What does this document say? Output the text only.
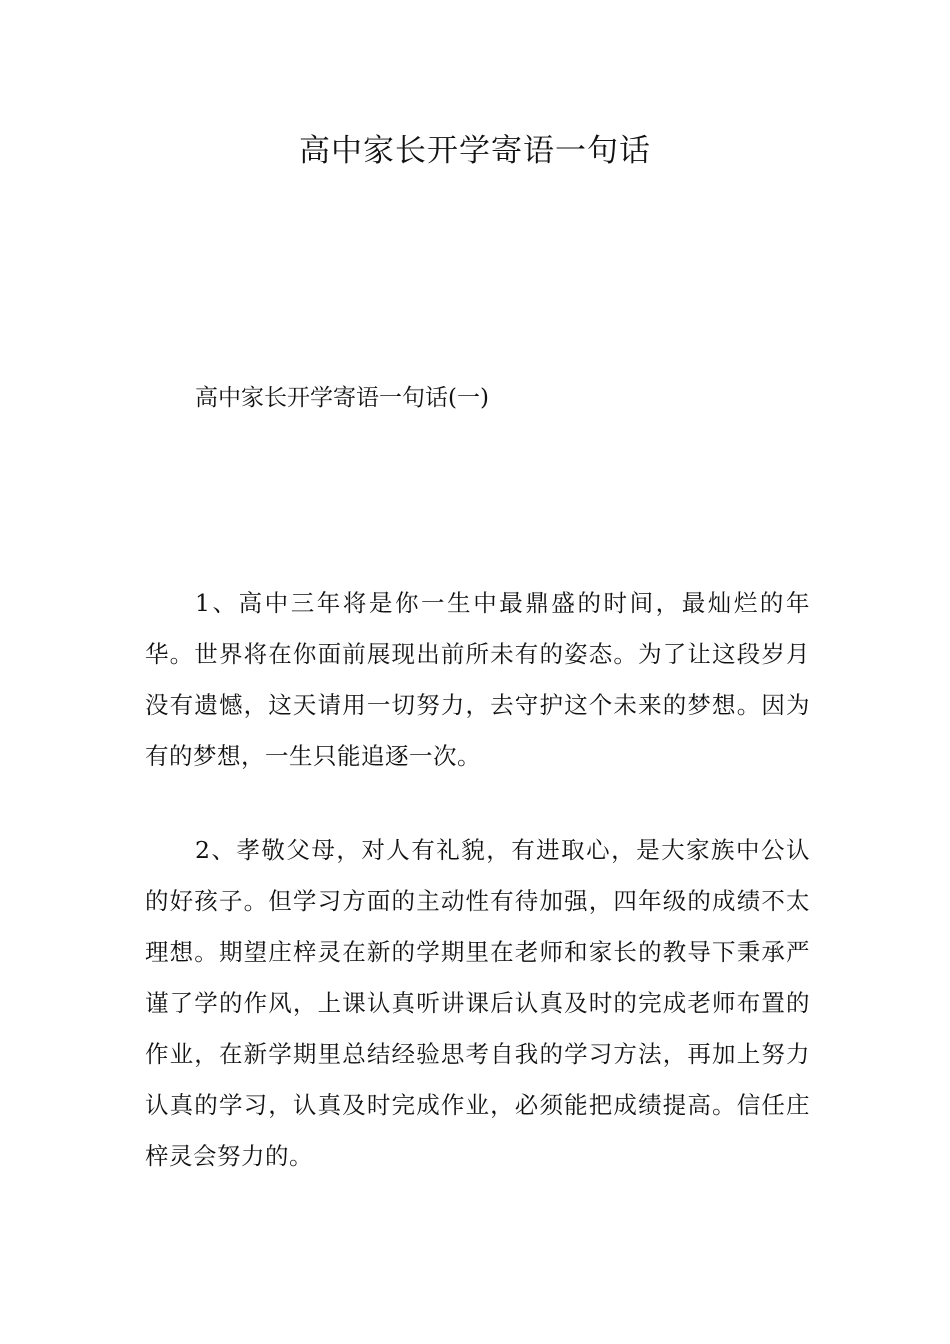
高中家长开学寄语一句话

高中家长开学寄语一句话(一)

1、高中三年将是你一生中最鼎盛的时间，最灿烂的年华。世界将在你面前展现出前所未有的姿态。为了让这段岁月没有遗憾，这天请用一切努力，去守护这个未来的梦想。因为有的梦想，一生只能追逐一次。

2、孝敬父母，对人有礼貌，有进取心，是大家族中公认的好孩子。但学习方面的主动性有待加强，四年级的成绩不太理想。期望庄梓灵在新的学期里在老师和家长的教导下秉承严谨了学的作风，上课认真听讲课后认真及时的完成老师布置的作业，在新学期里总结经验思考自我的学习方法，再加上努力认真的学习，认真及时完成作业，必须能把成绩提高。信任庄梓灵会努力的。
